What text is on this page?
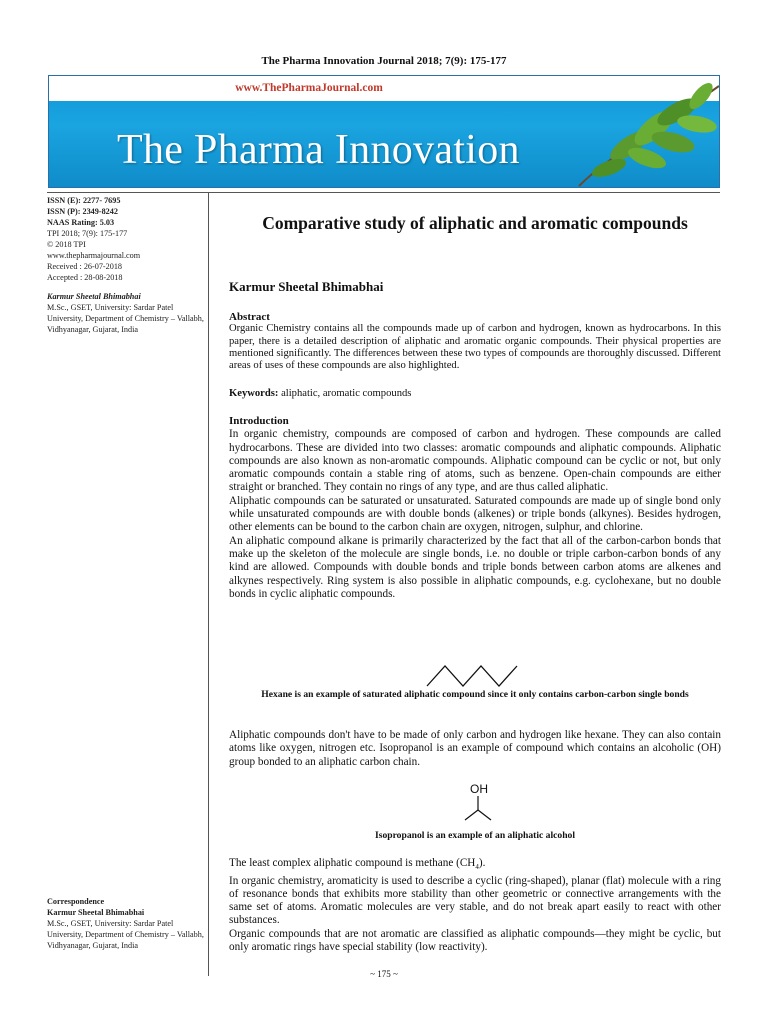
The Pharma Innovation Journal 2018; 7(9): 175-177
www.ThePharmaJournal.com
The Pharma Innovation
ISSN (E): 2277- 7695
ISSN (P): 2349-8242
NAAS Rating: 5.03
TPI 2018; 7(9): 175-177
© 2018 TPI
www.thepharmajournal.com
Received : 26-07-2018
Accepted : 28-08-2018
Karmur Sheetal Bhimabhai
M.Sc., GSET, University: Sardar Patel University, Department of Chemistry – Vallabh, Vidhyanagar, Gujarat, India
Correspondence
Karmur Sheetal Bhimabhai
M.Sc., GSET, University: Sardar Patel University, Department of Chemistry – Vallabh, Vidhyanagar, Gujarat, India
Comparative study of aliphatic and aromatic compounds
Karmur Sheetal Bhimabhai
Abstract

Organic Chemistry contains all the compounds made up of carbon and hydrogen, known as hydrocarbons. In this paper, there is a detailed description of aliphatic and aromatic organic compounds. Their physical properties are mentioned significantly. The differences between these two types of compounds are thoroughly discussed. Different areas of uses of these compounds are also highlighted.

Keywords: aliphatic, aromatic compounds
Introduction

In organic chemistry, compounds are composed of carbon and hydrogen. These compounds are called hydrocarbons. These are divided into two classes: aromatic compounds and aliphatic compounds. Aliphatic compounds are also known as non-aromatic compounds. Aliphatic compound can be cyclic or not, but only aromatic compounds contain a stable ring of atoms, such as benzene. Open-chain compounds are either straight or branched. They contain no rings of any type, and are thus called aliphatic.

Aliphatic compounds can be saturated or unsaturated. Saturated compounds are made up of single bond only while unsaturated compounds are with double bonds (alkenes) or triple bonds (alkynes). Besides hydrogen, other elements can be bound to the carbon chain are oxygen, nitrogen, sulphur, and chlorine.

An aliphatic compound alkane is primarily characterized by the fact that all of the carbon-carbon bonds that make up the skeleton of the molecule are single bonds, i.e. no double or triple carbon-carbon bonds of any kind are allowed. Compounds with double bonds and triple bonds between carbon atoms are alkenes and alkynes respectively. Ring system is also possible in aliphatic compounds, e.g. cyclohexane, but no double bonds in cyclic aliphatic compounds.

Hexane is an example of saturated aliphatic compound since it only contains carbon-carbon single bonds
Aliphatic compounds don't have to be made of only carbon and hydrogen like hexane. They can also contain atoms like oxygen, nitrogen etc. Isopropanol is an example of compound which contains an alcoholic (OH) group bonded to an aliphatic carbon chain.
OH
Isopropanol is an example of an aliphatic alcohol

The least complex aliphatic compound is methane $(CH_4)$.

In organic chemistry, aromaticity is used to describe a cyclic (ring-shaped), planar (flat) molecule with a ring of resonance bonds that exhibits more stability than other geometric or connective arrangements with the same set of atoms. Aromatic molecules are very stable, and do not break apart easily to react with other substances.

Organic compounds that are not aromatic are classified as aliphatic compounds—they might be cyclic, but only aromatic rings have special stability (low reactivity).

~ 175 ~
